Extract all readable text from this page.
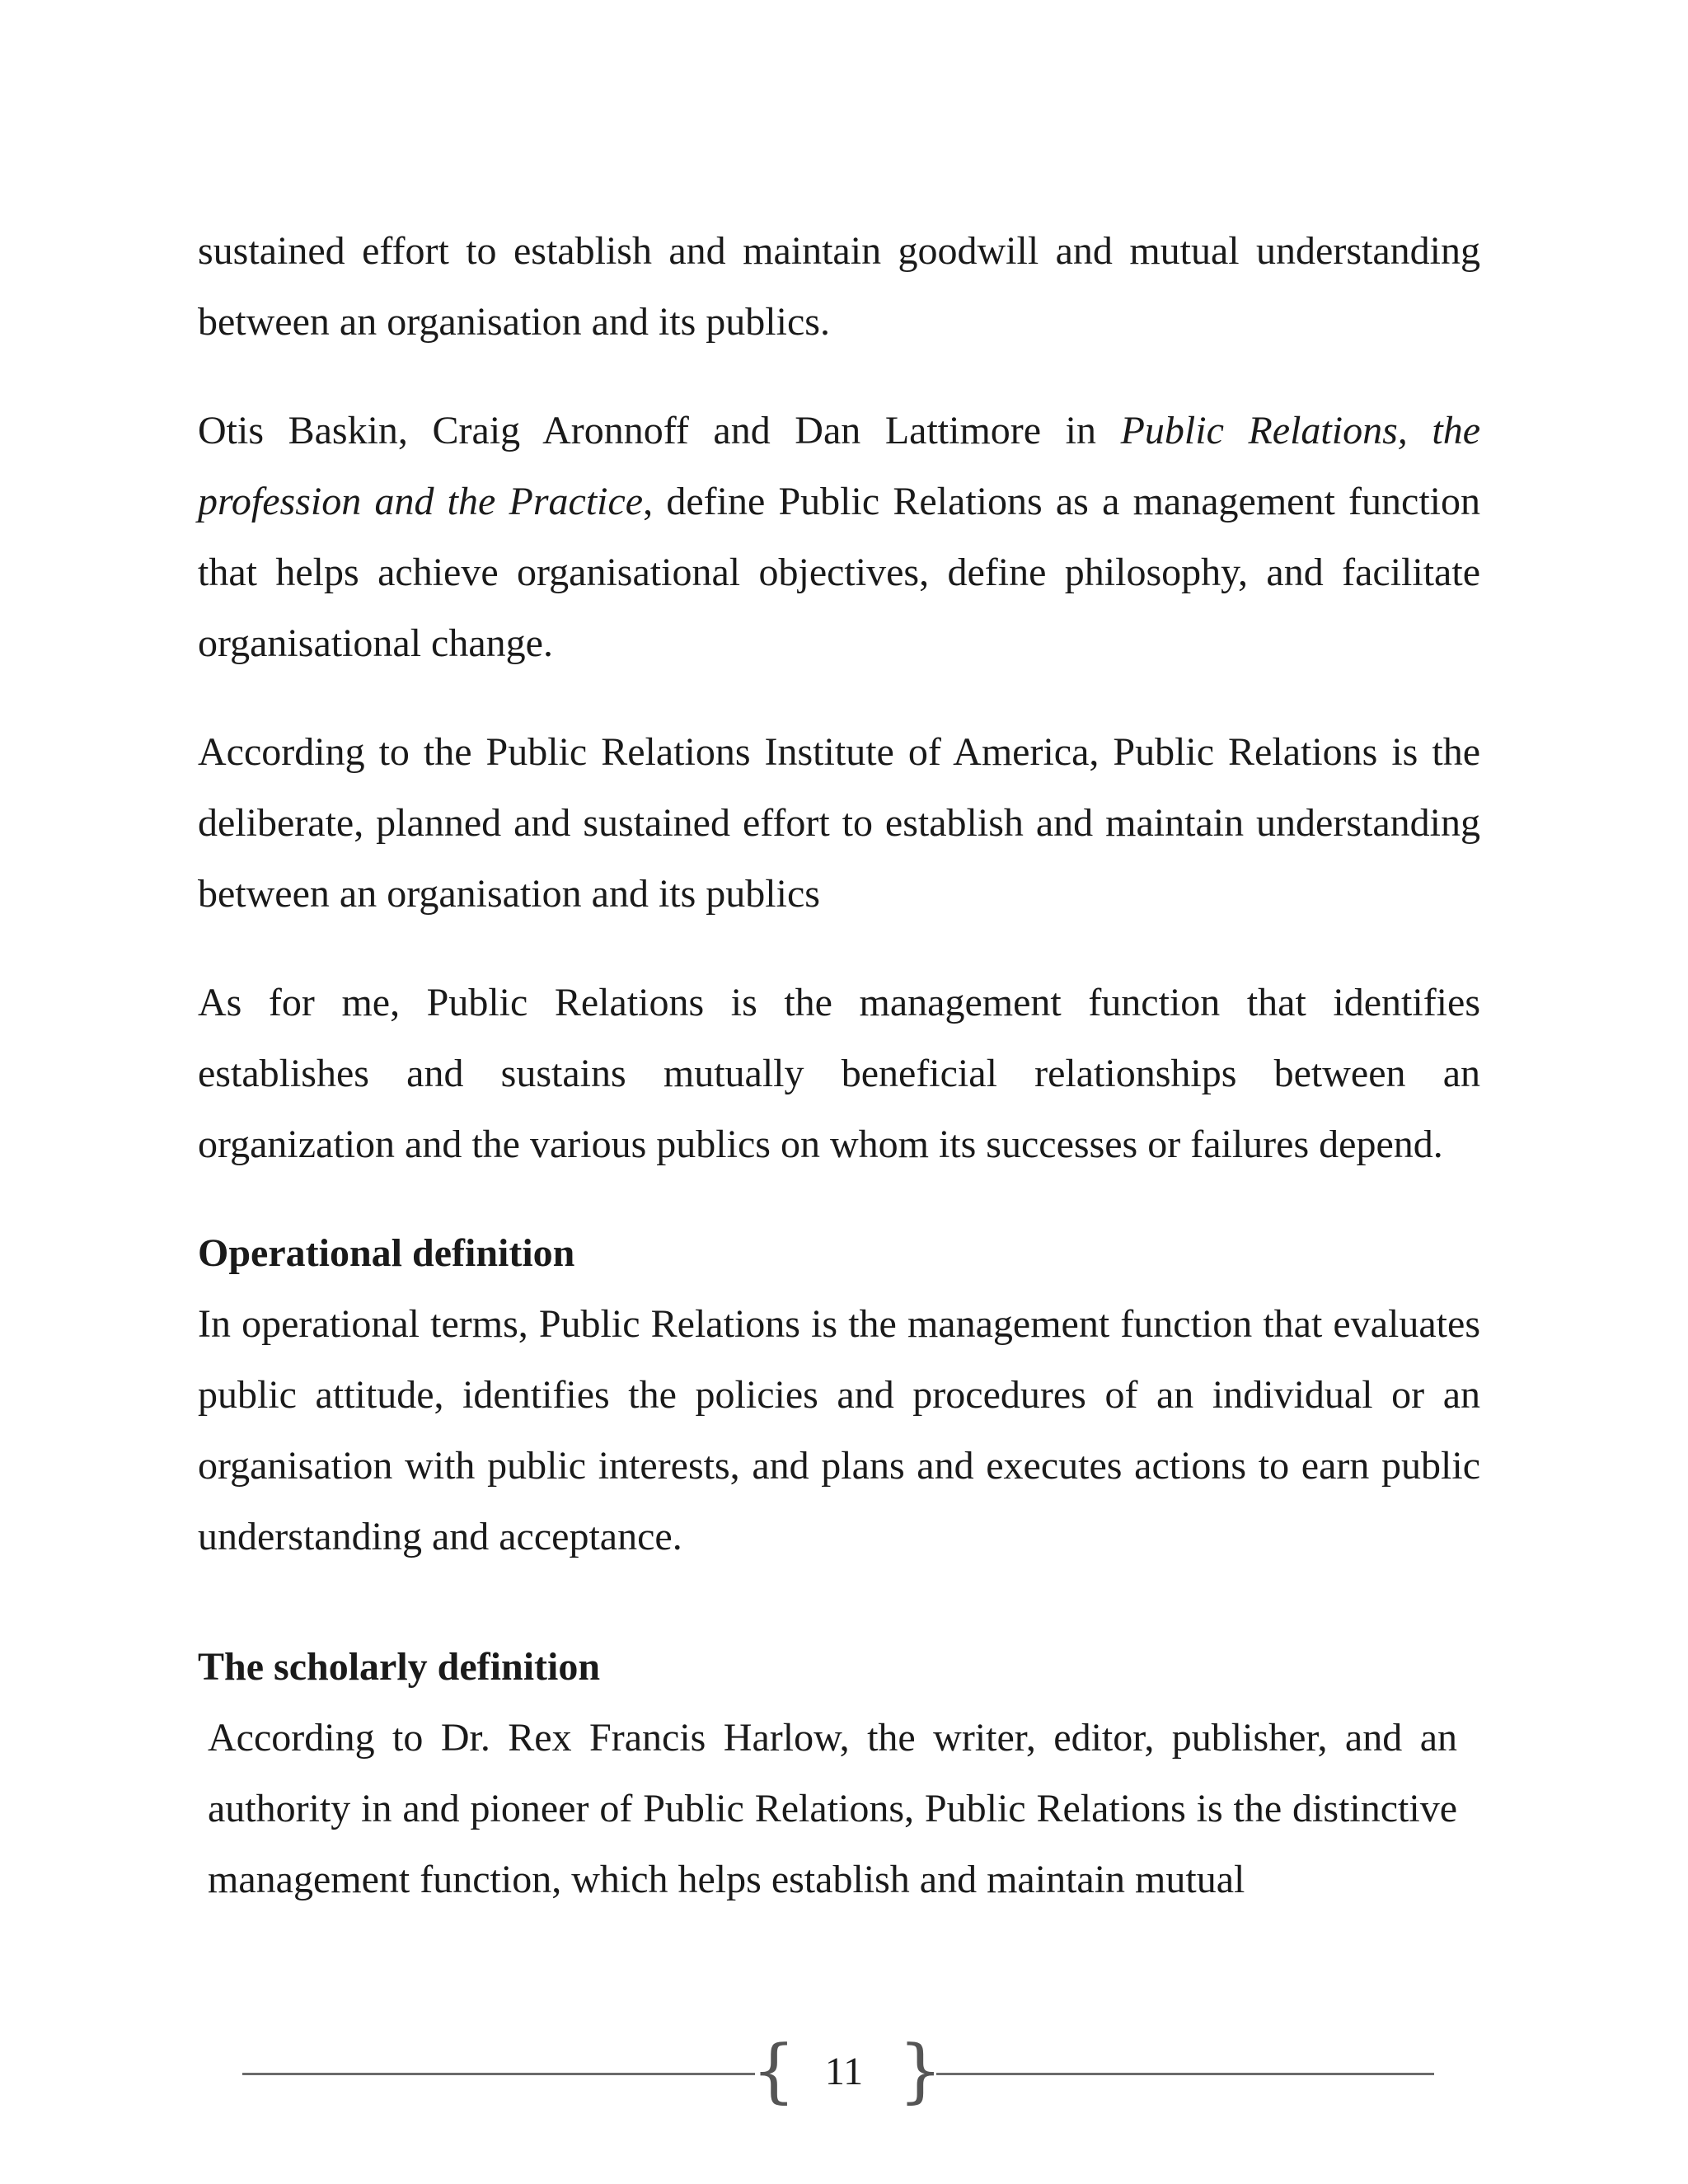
sustained effort to establish and maintain goodwill and mutual understanding between an organisation and its publics.

Otis Baskin, Craig Aronnoff and Dan Lattimore in Public Relations, the profession and the Practice, define Public Relations as a management function that helps achieve organisational objectives, define philosophy, and facilitate organisational change.

According to the Public Relations Institute of America, Public Relations is the deliberate, planned and sustained effort to establish and maintain understanding between an organisation and its publics

As for me, Public Relations is the management function that identifies establishes and sustains mutually beneficial relationships between an organization and the various publics on whom its successes or failures depend.

Operational definition

In operational terms, Public Relations is the management function that evaluates public attitude, identifies the policies and procedures of an individual or an organisation with public interests, and plans and executes actions to earn public understanding and acceptance.

The scholarly definition

According to Dr. Rex Francis Harlow, the writer, editor, publisher, and an authority in and pioneer of Public Relations, Public Relations is the distinctive management function, which helps establish and maintain mutual

{ 11 }
